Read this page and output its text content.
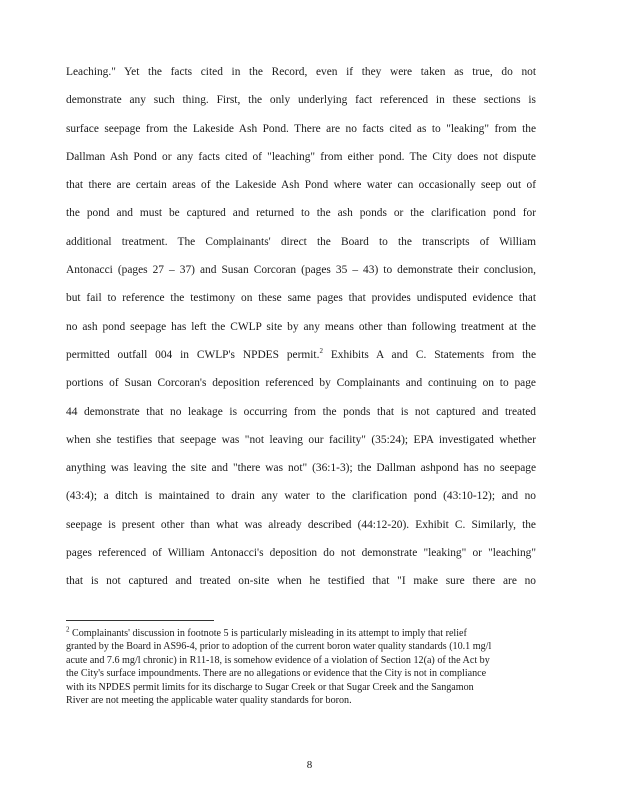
Leaching." Yet the facts cited in the Record, even if they were taken as true, do not
demonstrate any such thing. First, the only underlying fact referenced in these sections is
surface seepage from the Lakeside Ash Pond. There are no facts cited as to "leaking" from the
Dallman Ash Pond or any facts cited of "leaching" from either pond. The City does not dispute
that there are certain areas of the Lakeside Ash Pond where water can occasionally seep out of
the pond and must be captured and returned to the ash ponds or the clarification pond for
additional treatment. The Complainants' direct the Board to the transcripts of William
Antonacci (pages 27 – 37) and Susan Corcoran (pages 35 – 43) to demonstrate their conclusion,
but fail to reference the testimony on these same pages that provides undisputed evidence that
no ash pond seepage has left the CWLP site by any means other than following treatment at the
permitted outfall 004 in CWLP's NPDES permit.$^2$ Exhibits A and C. Statements from the
portions of Susan Corcoran's deposition referenced by Complainants and continuing on to page
44 demonstrate that no leakage is occurring from the ponds that is not captured and treated
when she testifies that seepage was "not leaving our facility" (35:24); EPA investigated whether
anything was leaving the site and "there was not" (36:1-3); the Dallman ashpond has no seepage
(43:4); a ditch is maintained to drain any water to the clarification pond (43:10-12); and no
seepage is present other than what was already described (44:12-20). Exhibit C. Similarly, the
pages referenced of William Antonacci's deposition do not demonstrate "leaking" or "leaching"
that is not captured and treated on-site when he testified that "I make sure there are no
$^2$ Complainants' discussion in footnote 5 is particularly misleading in its attempt to imply that relief
granted by the Board in AS96-4, prior to adoption of the current boron water quality standards (10.1 mg/l
acute and 7.6 mg/l chronic) in R11-18, is somehow evidence of a violation of Section 12(a) of the Act by
the City's surface impoundments. There are no allegations or evidence that the City is not in compliance
with its NPDES permit limits for its discharge to Sugar Creek or that Sugar Creek and the Sangamon
River are not meeting the applicable water quality standards for boron.
8
